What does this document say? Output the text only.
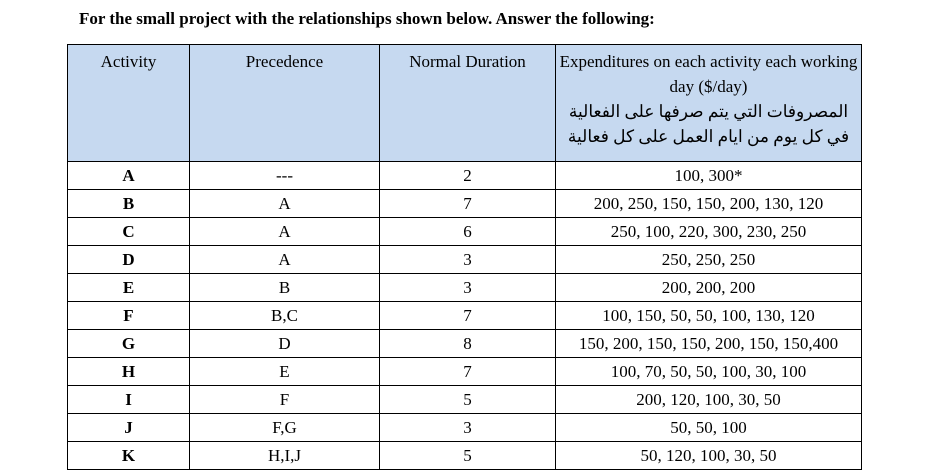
For the small project with the relationships shown below. Answer the following:
Activity	Precedence	Normal Duration	Expenditures on each activity each working day ($/day)
المصروفات التي يتم صرفها على الفعالية في كل يوم من ايام العمل على كل فعالية

A	---	2	100, 300*
B	A	7	200, 250, 150, 150, 200, 130, 120
C	A	6	250, 100, 220, 300, 230, 250
D	A	3	250, 250, 250
E	B	3	200, 200, 200
F	B,C	7	100, 150, 50, 50, 100, 130, 120
G	D	8	150, 200, 150, 150, 200, 150, 150,400
H	E	7	100, 70, 50, 50, 100, 30, 100
I	F	5	200, 120, 100, 30, 50
J	F,G	3	50, 50, 100
K	H,I,J	5	50, 120, 100, 30, 50
